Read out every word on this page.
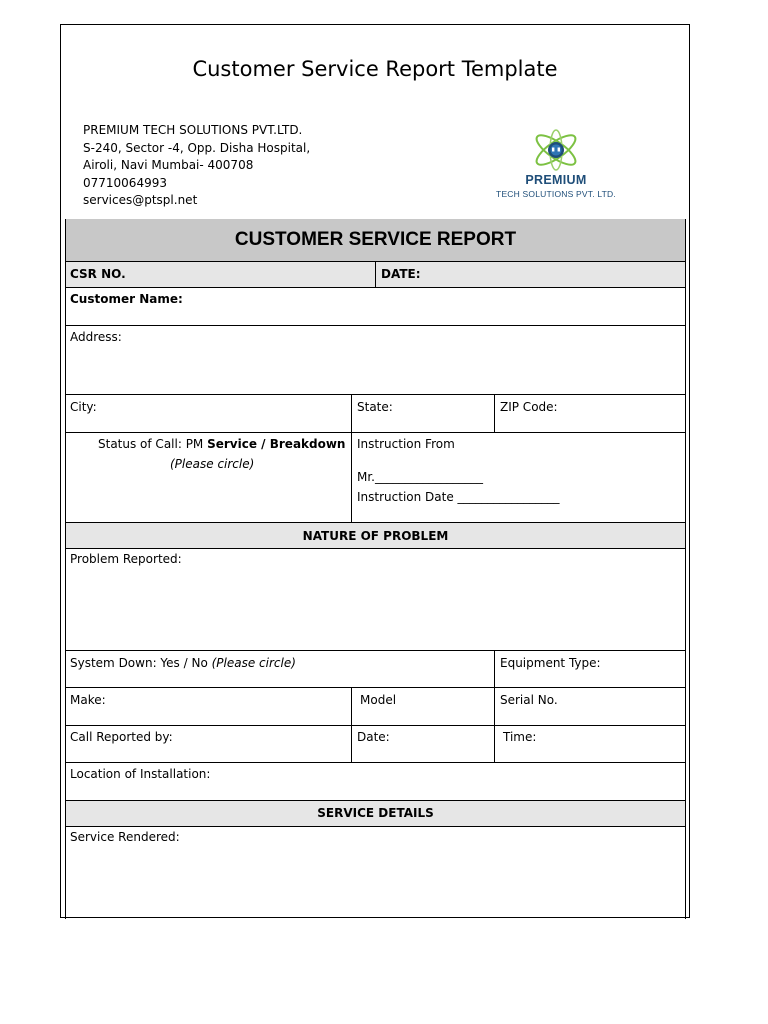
Customer Service Report Template
PREMIUM TECH SOLUTIONS PVT.LTD.
S-240, Sector -4, Opp. Disha Hospital,
Airoli, Navi Mumbai- 400708
07710064993
services@ptspl.net
PREMIUM
TECH SOLUTIONS PVT. LTD.
CUSTOMER SERVICE REPORT
CSR NO.	DATE:
Customer Name:
Address:
City:	State:	ZIP Code:
Status of Call: PM Service / Breakdown
(Please circle)
Instruction From
Mr.__________________
Instruction Date _________________
NATURE OF PROBLEM
Problem Reported:
System Down: Yes / No (Please circle)	Equipment Type:
Make:	Model	Serial No.
Call Reported by:	Date:	Time:
Location of Installation:
SERVICE DETAILS
Service Rendered:
